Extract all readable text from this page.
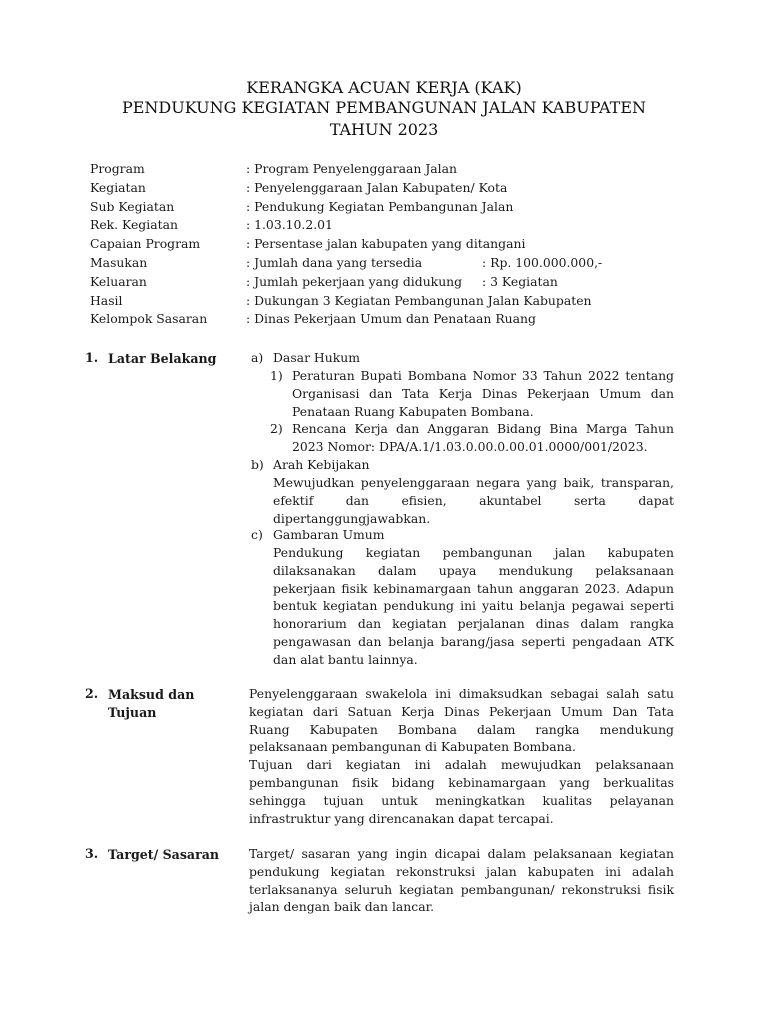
KERANGKA ACUAN KERJA (KAK)
PENDUKUNG KEGIATAN PEMBANGUNAN JALAN KABUPATEN
TAHUN 2023
Program	: Program Penyelenggaraan Jalan
Kegiatan	: Penyelenggaraan Jalan Kabupaten/ Kota
Sub Kegiatan	: Pendukung Kegiatan Pembangunan Jalan
Rek. Kegiatan	: 1.03.10.2.01
Capaian Program	: Persentase jalan kabupaten yang ditangani
Masukan	: Jumlah dana yang tersedia	: Rp. 100.000.000,-
Keluaran	: Jumlah pekerjaan yang didukung : 3 Kegiatan
Hasil	: Dukungan 3 Kegiatan Pembangunan Jalan Kabupaten
Kelompok Sasaran	: Dinas Pekerjaan Umum dan Penataan Ruang
1. Latar Belakang	a) Dasar Hukum
1) Peraturan Bupati Bombana Nomor 33 Tahun 2022 tentang
Organisasi dan Tata Kerja Dinas Pekerjaan Umum dan
Penataan Ruang Kabupaten Bombana.
2) Rencana Kerja dan Anggaran Bidang Bina Marga Tahun
2023 Nomor: DPA/A.1/1.03.0.00.0.00.01.0000/001/2023.
b) Arah Kebijakan
Mewujudkan penyelenggaraan negara yang baik, transparan,
efektif dan efisien, akuntabel serta dapat
dipertanggungjawabkan.
c) Gambaran Umum
Pendukung kegiatan pembangunan jalan kabupaten
dilaksanakan dalam upaya mendukung pelaksanaan
pekerjaan fisik kebinamargaan tahun anggaran 2023. Adapun
bentuk kegiatan pendukung ini yaitu belanja pegawai seperti
honorarium dan kegiatan perjalanan dinas dalam rangka
pengawasan dan belanja barang/jasa seperti pengadaan ATK
dan alat bantu lainnya.
2. Maksud dan
Tujuan
Penyelenggaraan swakelola ini dimaksudkan sebagai salah satu
kegiatan dari Satuan Kerja Dinas Pekerjaan Umum Dan Tata
Ruang Kabupaten Bombana dalam rangka mendukung
pelaksanaan pembangunan di Kabupaten Bombana.
Tujuan dari kegiatan ini adalah mewujudkan pelaksanaan
pembangunan fisik bidang kebinamargaan yang berkualitas
sehingga tujuan untuk meningkatkan kualitas pelayanan
infrastruktur yang direncanakan dapat tercapai.
3. Target/ Sasaran Target/ sasaran yang ingin dicapai dalam pelaksanaan kegiatan
pendukung kegiatan rekonstruksi jalan kabupaten ini adalah
terlaksananya seluruh kegiatan pembangunan/ rekonstruksi fisik
jalan dengan baik dan lancar.
